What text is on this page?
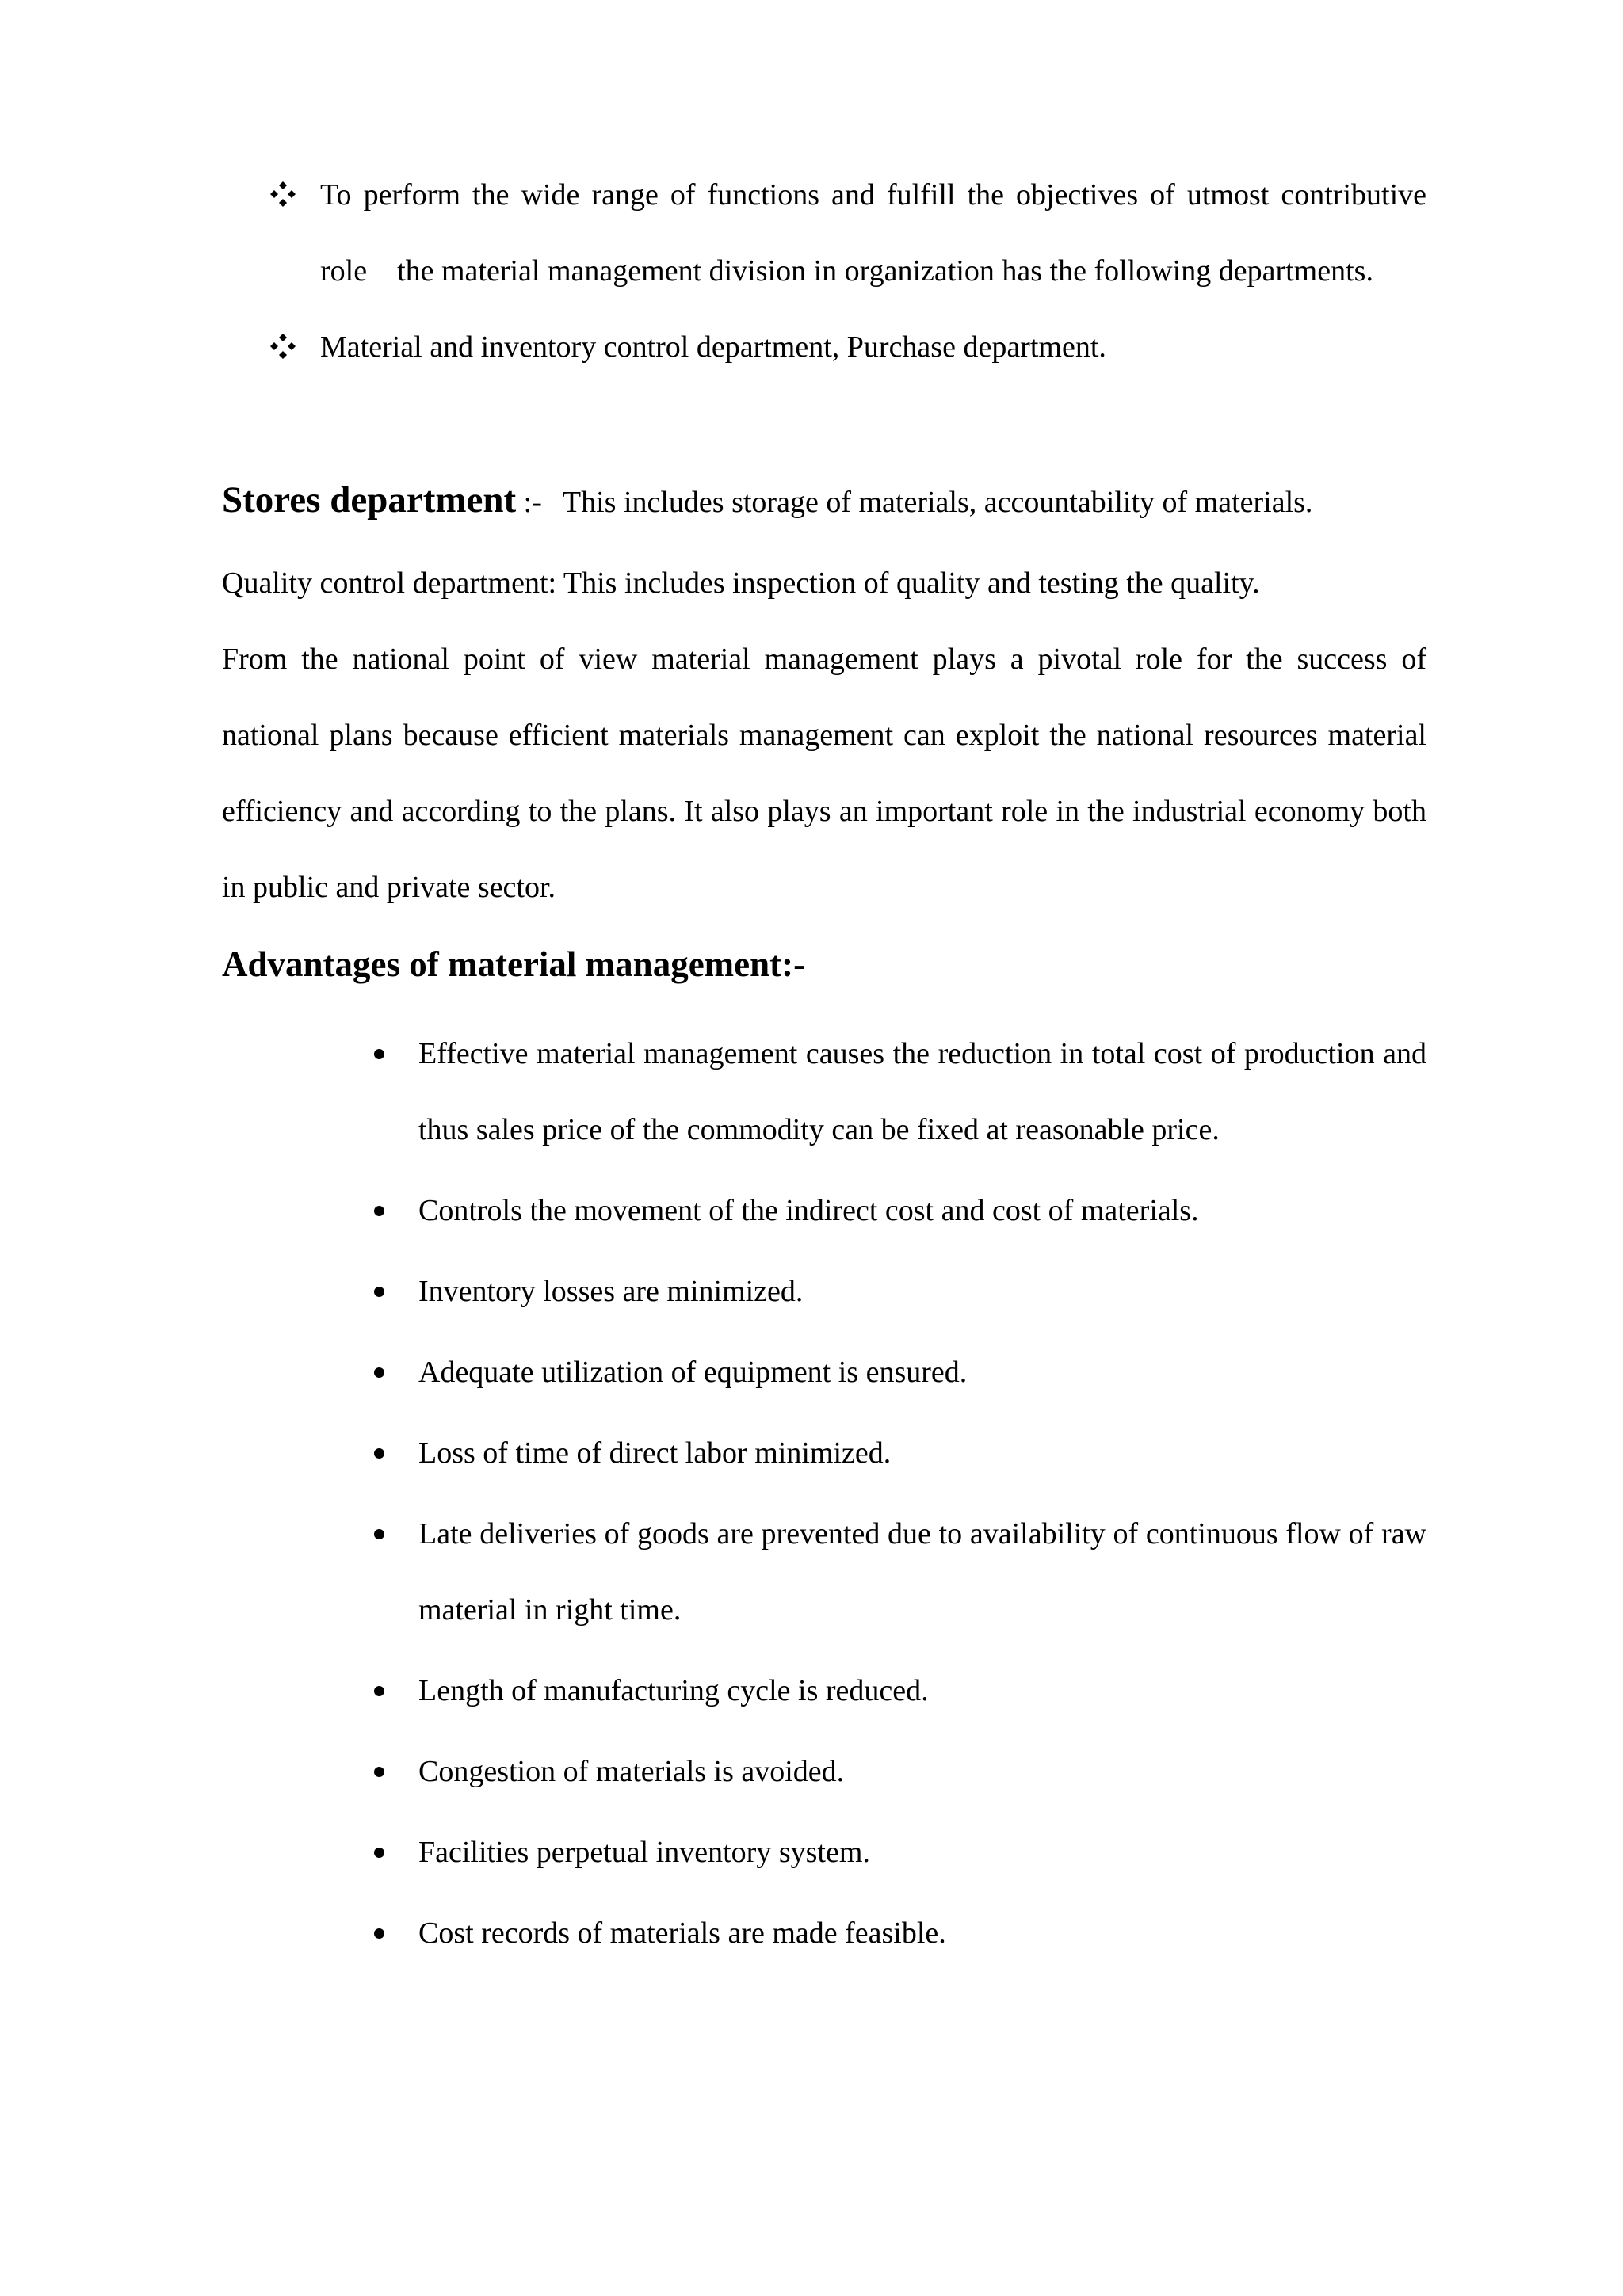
To perform the wide range of functions and fulfill the objectives of utmost contributive role    the material management division in organization has the following departments.
Material and inventory control department, Purchase department.
Stores department :- This includes storage of materials, accountability of materials.
Quality control department: This includes inspection of quality and testing the quality.
From the national point of view material management plays a pivotal role for the success of national plans because efficient materials management can exploit the national resources material efficiency and according to the plans. It also plays an important role in the industrial economy both in public and private sector.
Advantages of material management:-
Effective material management causes the reduction in total cost of production and thus sales price of the commodity can be fixed at reasonable price.
Controls the movement of the indirect cost and cost of materials.
Inventory losses are minimized.
Adequate utilization of equipment is ensured.
Loss of time of direct labor minimized.
Late deliveries of goods are prevented due to availability of continuous flow of raw material in right time.
Length of manufacturing cycle is reduced.
Congestion of materials is avoided.
Facilities perpetual inventory system.
Cost records of materials are made feasible.
